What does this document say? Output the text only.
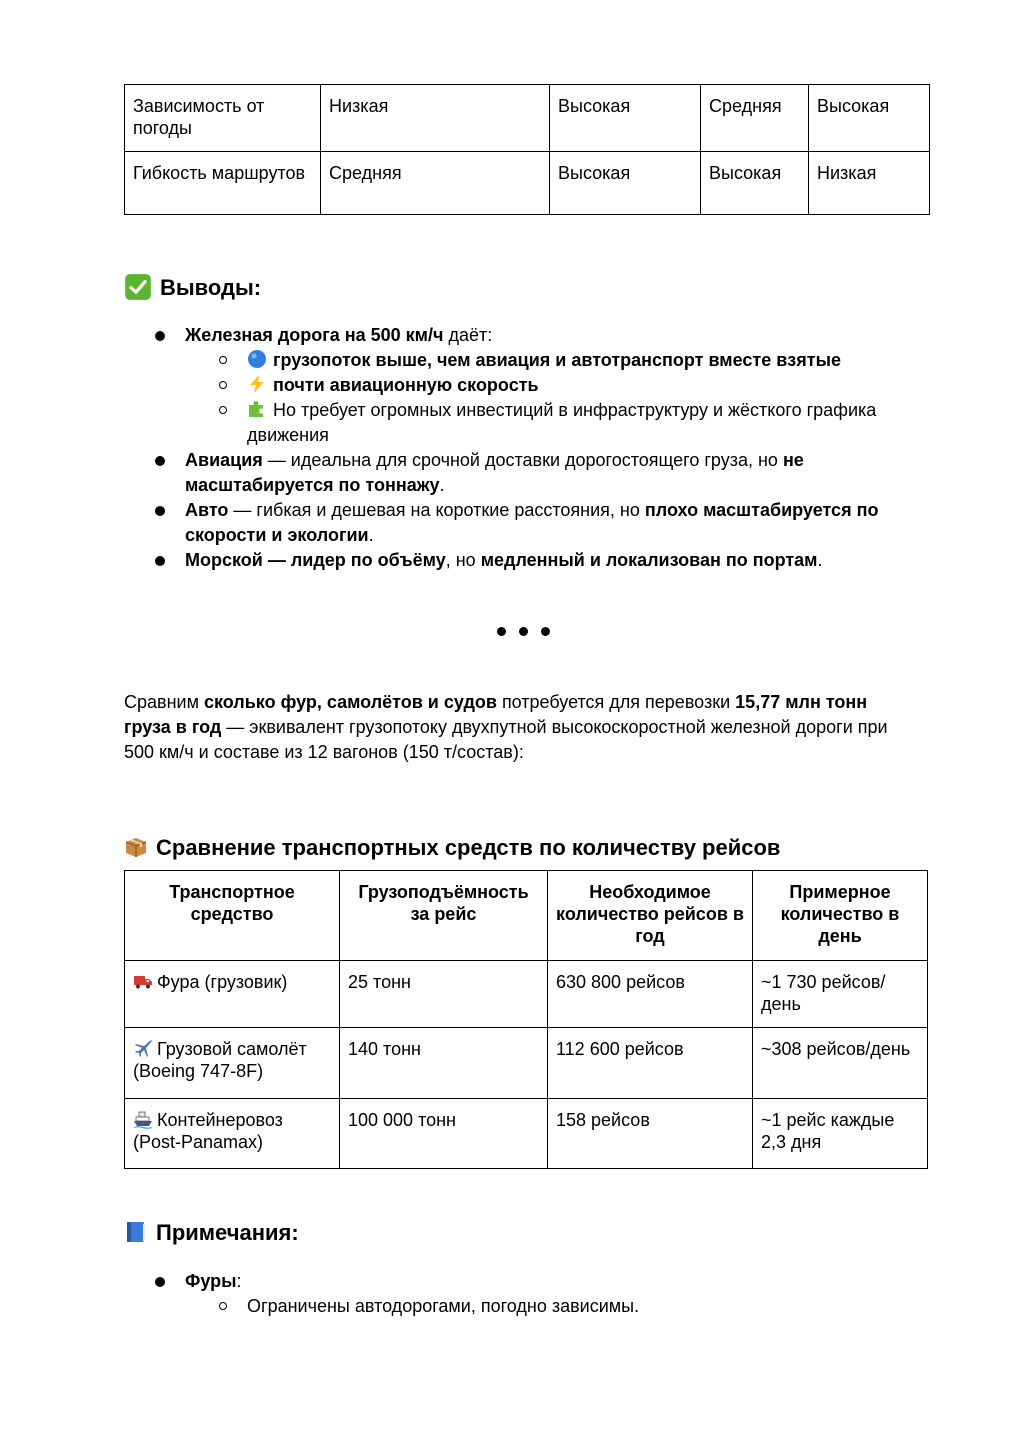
Зависимость от погоды	Низкая	Высокая	Средняя	Высокая
Гибкость маршрутов	Средняя	Высокая	Высокая	Низкая
Выводы:
Железная дорога на 500 км/ч даёт:
грузопоток выше, чем авиация и автотранспорт вместе взятые
почти авиационную скорость
Но требует огромных инвестиций в инфраструктуру и жёсткого графика
движения
Авиация — идеальна для срочной доставки дорогостоящего груза, но не
масштабируется по тоннажу.
Авто — гибкая и дешевая на короткие расстояния, но плохо масштабируется по
скорости и экологии.
Морской — лидер по объёму, но медленный и локализован по портам.
Сравним сколько фур, самолётов и судов потребуется для перевозки 15,77 млн тонн
груза в год — эквивалент грузопотоку двухпутной высокоскоростной железной дороги при
500 км/ч и составе из 12 вагонов (150 т/состав):
Сравнение транспортных средств по количеству рейсов
Транспортное средство	Грузоподъёмность за рейс	Необходимое количество рейсов в год	Примерное количество в день
Фура (грузовик)	25 тонн	630 800 рейсов	~1 730 рейсов/день
Грузовой самолёт (Boeing 747-8F)	140 тонн	112 600 рейсов	~308 рейсов/день
Контейнеровоз (Post-Panamax)	100 000 тонн	158 рейсов	~1 рейс каждые 2,3 дня
Примечания:
Фуры:
Ограничены автодорогами, погодно зависимы.
